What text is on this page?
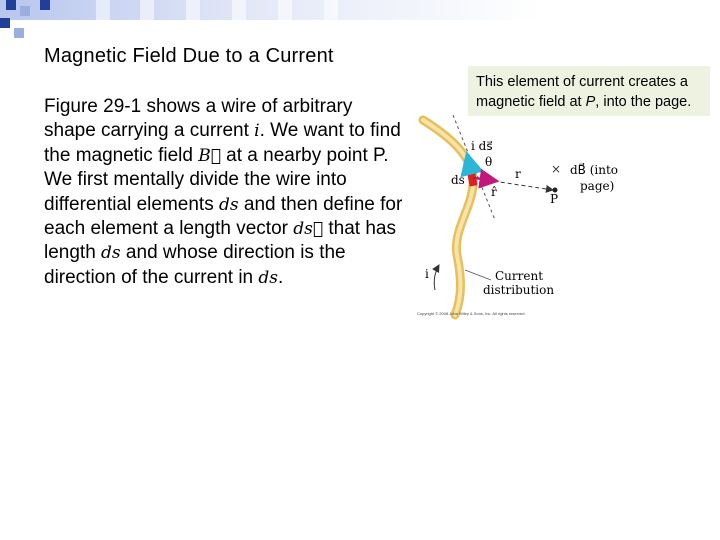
Magnetic Field Due to a Current
Figure 29-1 shows a wire of arbitrary shape carrying a current i. We want to find the magnetic field B⃗ at a nearby point P. We first mentally divide the wire into differential elements ds and then define for each element a length vector ds⃗ that has length ds and whose direction is the direction of the current in ds.
This element of current creates a
magnetic field at P, into the page.
×
i ds⃗
θ
ds	r
r̂
dB⃗ (into
page)
P
i	Current
distribution
Copyright © 2008 John Wiley & Sons, Inc. All rights reserved.
